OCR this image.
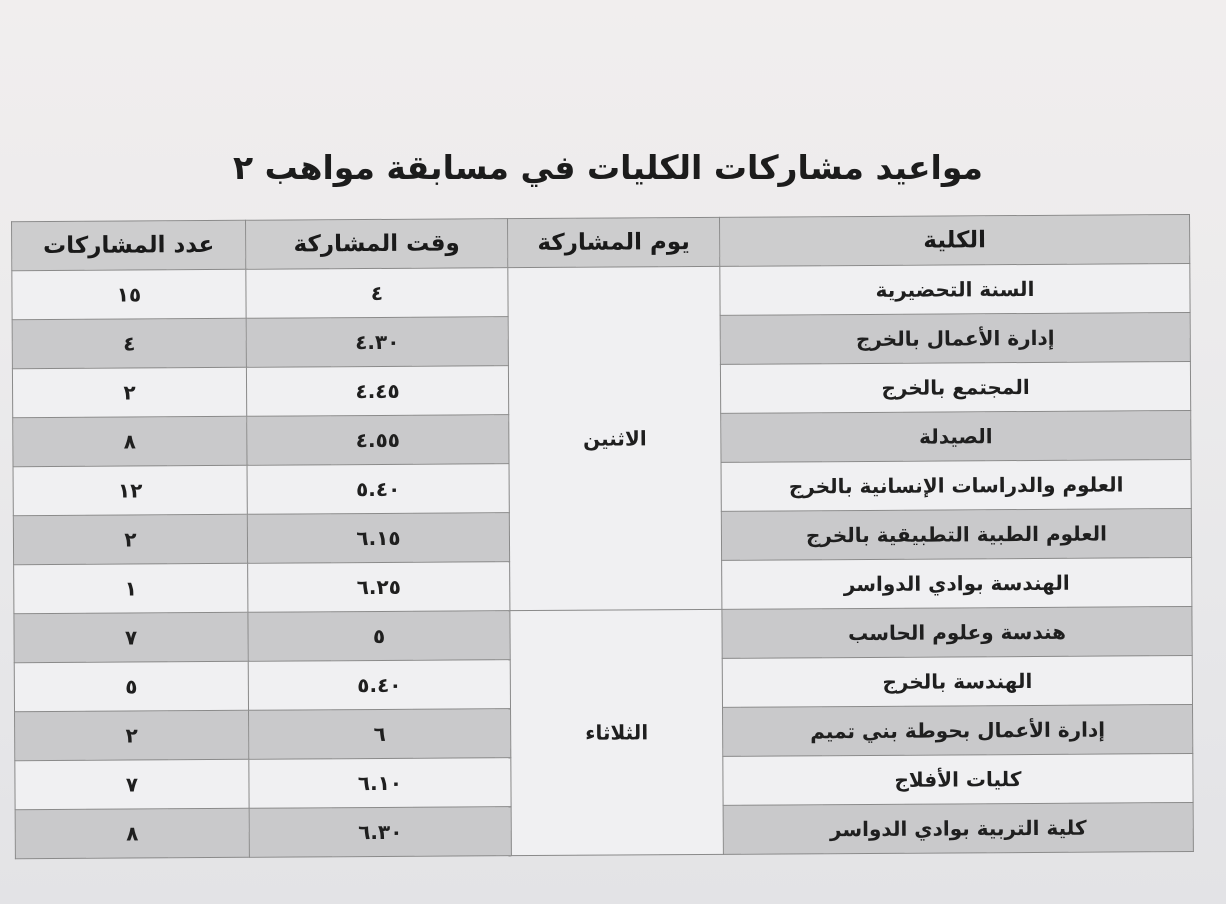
مواعيد مشاركات الكليات في مسابقة مواهب ٢
الكلية	يوم المشاركة	وقت المشاركة	عدد المشاركات
السنة التحضيرية	الاثنين	٤	١٥
إدارة الأعمال بالخرج		٤.٣٠	٤
المجتمع بالخرج		٤.٤٥	٢
الصيدلة		٤.٥٥	٨
العلوم والدراسات الإنسانية بالخرج		٥.٤٠	١٢
العلوم الطبية التطبيقية بالخرج		٦.١٥	٢
الهندسة بوادي الدواسر		٦.٢٥	١
هندسة وعلوم الحاسب	الثلاثاء	٥	٧
الهندسة بالخرج		٥.٤٠	٥
إدارة الأعمال بحوطة بني تميم		٦	٢
كليات الأفلاج		٦.١٠	٧
كلية التربية بوادي الدواسر		٦.٣٠	٨
